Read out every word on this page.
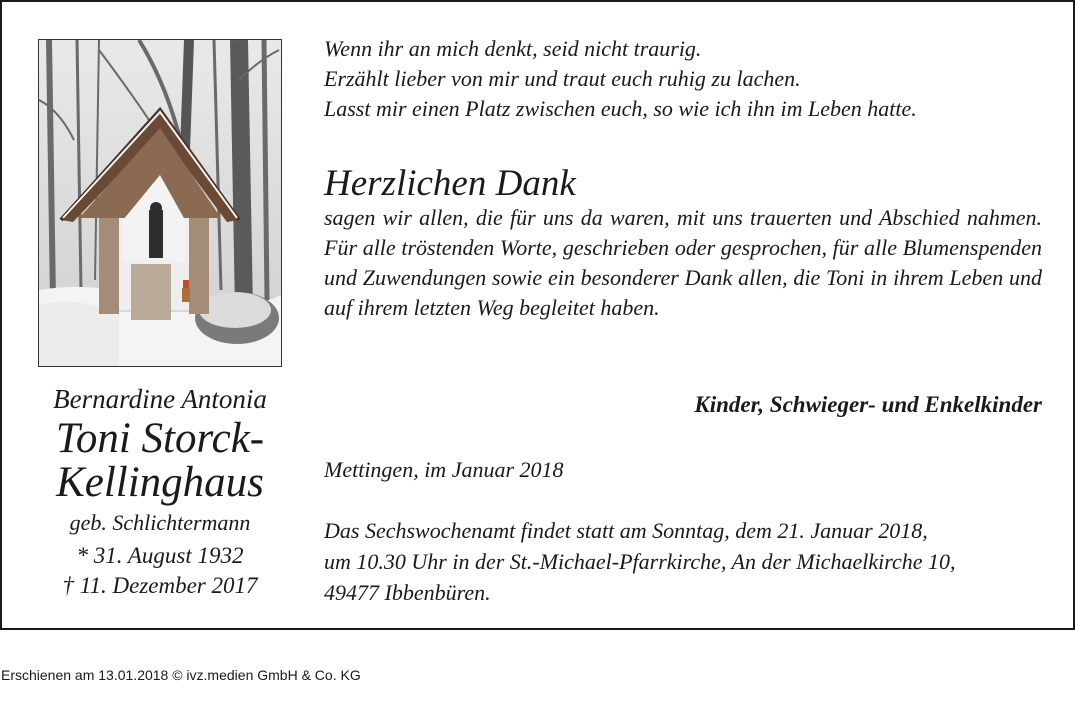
Bernardine Antonia
Toni Storck-
Kellinghaus
geb. Schlichtermann
* 31. August 1932
† 11. Dezember 2017
Wenn ihr an mich denkt, seid nicht traurig.
Erzählt lieber von mir und traut euch ruhig zu lachen.
Lasst mir einen Platz zwischen euch, so wie ich ihn im Leben hatte.
Herzlichen Dank
sagen wir allen, die für uns da waren, mit uns trauerten und Abschied nahmen. Für alle tröstenden Worte, geschrieben oder gesprochen, für alle Blumenspenden und Zuwendungen sowie ein besonderer Dank allen, die Toni in ihrem Leben und auf ihrem letzten Weg begleitet haben.
Kinder, Schwieger- und Enkelkinder
Mettingen, im Januar 2018
Das Sechswochenamt findet statt am Sonntag, dem 21. Januar 2018,
um 10.30 Uhr in der St.-Michael-Pfarrkirche, An der Michaelkirche 10,
49477 Ibbenbüren.
Erschienen am 13.01.2018 © ivz.medien GmbH & Co. KG
